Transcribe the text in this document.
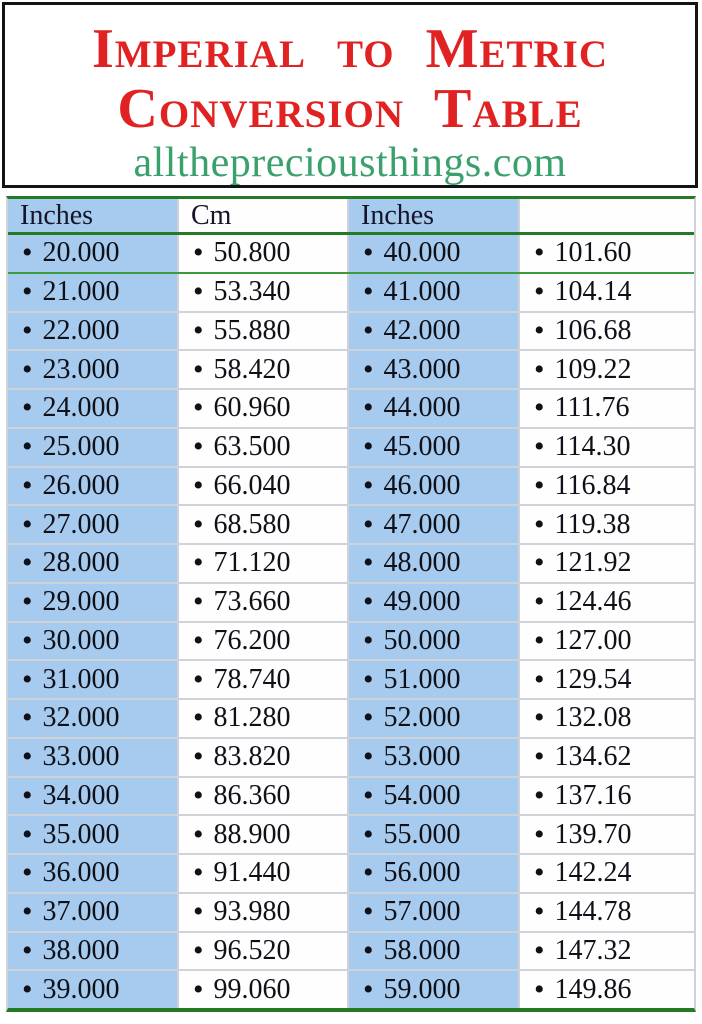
Imperial to Metric
Conversion Table
allthepreciousthings.com
Inches	Cm	Inches
• 20.000 • 50.800 • 40.000 • 101.60
• 21.000 • 53.340 • 41.000 • 104.14
• 22.000 • 55.880 • 42.000 • 106.68
• 23.000 • 58.420 • 43.000 • 109.22
• 24.000 • 60.960 • 44.000 • 111.76
• 25.000 • 63.500 • 45.000 • 114.30
• 26.000 • 66.040 • 46.000 • 116.84
• 27.000 • 68.580 • 47.000 • 119.38
• 28.000 • 71.120 • 48.000 • 121.92
• 29.000 • 73.660 • 49.000 • 124.46
• 30.000 • 76.200 • 50.000 • 127.00
• 31.000 • 78.740 • 51.000 • 129.54
• 32.000 • 81.280 • 52.000 • 132.08
• 33.000 • 83.820 • 53.000 • 134.62
• 34.000 • 86.360 • 54.000 • 137.16
• 35.000 • 88.900 • 55.000 • 139.70
• 36.000 • 91.440 • 56.000 • 142.24
• 37.000 • 93.980 • 57.000 • 144.78
• 38.000 • 96.520 • 58.000 • 147.32
• 39.000 • 99.060 • 59.000 • 149.86
